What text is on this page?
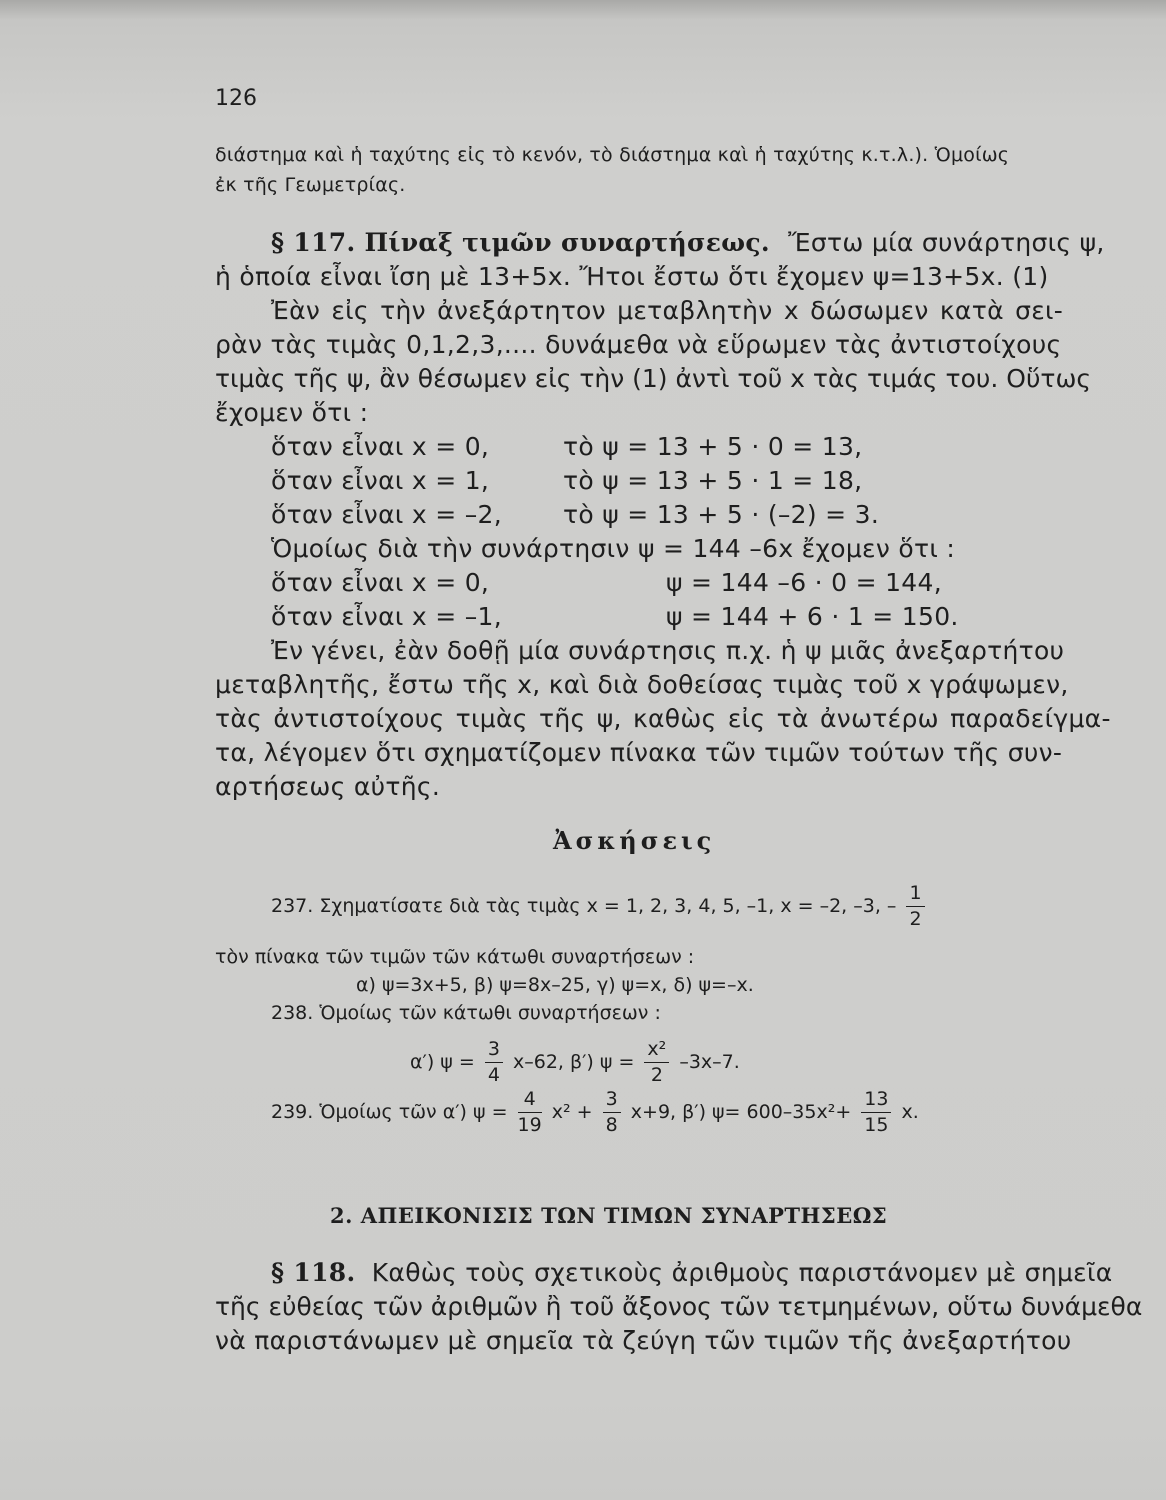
126
διάστημα καὶ ἡ ταχύτης εἰς τὸ κενόν, τὸ διάστημα καὶ ἡ ταχύτης κ.τ.λ.). Ὁμοίως
ἐκ τῆς Γεωμετρίας.
§ 117. Πίναξ τιμῶν συναρτήσεως. Ἔστω μία συνάρτησις ψ,
ἡ ὁποία εἶναι ἴση μὲ 13+5x. Ἤτοι ἔστω ὅτι ἔχομεν ψ=13+5x. (1)
Ἐὰν εἰς τὴν ἀνεξάρτητον μεταβλητὴν x δώσωμεν κατὰ σει-
ρὰν τὰς τιμὰς 0,1,2,3,.... δυνάμεθα νὰ εὕρωμεν τὰς ἀντιστοίχους
τιμὰς τῆς ψ, ἂν θέσωμεν εἰς τὴν (1) ἀντὶ τοῦ x τὰς τιμάς του. Οὕτως
ἔχομεν ὅτι :
ὅταν εἶναι x = 0,	τὸ ψ = 13 + 5 · 0 = 13,
ὅταν εἶναι x = 1,	τὸ ψ = 13 + 5 · 1 = 18,
ὅταν εἶναι x = –2, τὸ ψ = 13 + 5 · (–2) = 3.
Ὁμοίως διὰ τὴν συνάρτησιν ψ = 144 –6x ἔχομεν ὅτι :
ὅταν εἶναι x = 0,	ψ = 144 –6 · 0 = 144,
ὅταν εἶναι x = –1,	ψ = 144 + 6 · 1 = 150.
Ἐν γένει, ἐὰν δοθῇ μία συνάρτησις π.χ. ἡ ψ μιᾶς ἀνεξαρτήτου
μεταβλητῆς, ἔστω τῆς x, καὶ διὰ δοθείσας τιμὰς τοῦ x γράψωμεν,
τὰς ἀντιστοίχους τιμὰς τῆς ψ, καθὼς εἰς τὰ ἀνωτέρω παραδείγμα-
τα, λέγομεν ὅτι σχηματίζομεν πίνακα τῶν τιμῶν τούτων τῆς συν-
αρτήσεως αὐτῆς.
Ἀσκήσεις
237. Σχηματίσατε διὰ τὰς τιμὰς x = 1, 2, 3, 4, 5, –1, x = –2, –3, – $\frac{1}{2}$
τὸν πίνακα τῶν τιμῶν τῶν κάτωθι συναρτήσεων :
α) ψ=3x+5, β) ψ=8x–25, γ) ψ=x, δ) ψ=–x.
238. Ὁμοίως τῶν κάτωθι συναρτήσεων :
α′) $\psi = \frac{3}{4} x-62$, β′) $\psi = \frac{\text{x²}}{2} -3x-7$.
239. Ὁμοίως τῶν α′) $\psi = \frac{4}{19} x^2 + \frac{3}{8} x+9$, β′) $\psi= 600-35x^2+ \frac{13}{15} x$.
2. ΑΠΕΙΚΟΝΙΣΙΣ ΤΩΝ ΤΙΜΩΝ ΣΥΝΑΡΤΗΣΕΩΣ
§ 118. Καθὼς τοὺς σχετικοὺς ἀριθμοὺς παριστάνομεν μὲ σημεῖα
τῆς εὐθείας τῶν ἀριθμῶν ἢ τοῦ ἄξονος τῶν τετμημένων, οὕτω δυνάμεθα
νὰ παριστάνωμεν μὲ σημεῖα τὰ ζεύγη τῶν τιμῶν τῆς ἀνεξαρτήτου
